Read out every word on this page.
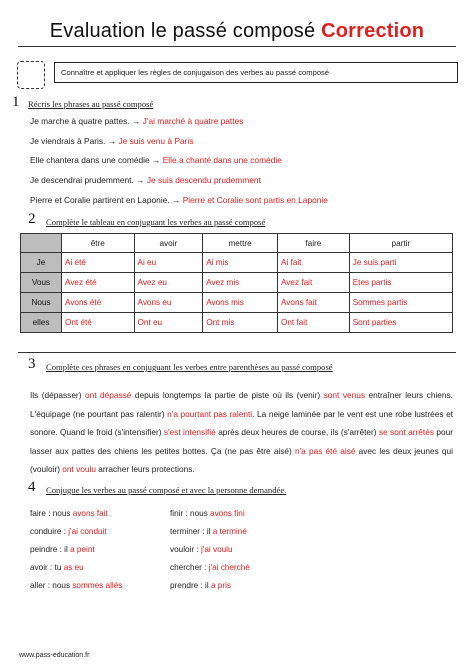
Evaluation le passé composé Correction
Connaître et appliquer les règles de conjugaison des verbes au passé composé
1 Récris les phrases au passé composé
Je marche à quatre pattes. → J'ai marché à quatre pattes
Je viendrais à Paris. → Je suis venu à Paris
Elle chantera dans une comédie → Elle a chanté dans une comédie
Je descendrai prudemment. → Je suis descendu prudemment
Pierre et Coralie partirent en Laponie. → Pierre et Coralie sont partis en Laponie
2 Complète le tableau en conjuguant les verbes au passé composé
	être	avoir	mettre	faire	partir
Je	Ai été	Ai eu	Ai mis	Ai fait	Je suis parti
Vous	Avez été	Avez eu	Avez mis	Avez fait	Etes partis
Nous	Avons été	Avons eu	Avons mis	Avons fait	Sommes partis
elles	Ont été	Ont eu	Ont mis	Ont fait	Sont parties
3 Complète ces phrases en conjuguant les verbes entre parenthèses au passé composé

Ils (dépasser) ont dépassé depuis longtemps la partie de piste où ils (venir) sont venus entraîner leurs chiens. L'équipage (ne pourtant pas ralentir) n'a pourtant pas ralenti. La neige laminée par le vent est une robe lustrées et sonore. Quand le froid (s'intensifier) s'est intensifié après deux heures de course, ils (s'arrêter) se sont arrêtés pour lasser aux pattes des chiens les petites bottes. Ça (ne pas être aisé) n'a pas été aisé avec les deux jeunes qui (vouloir) ont voulu arracher leurs protections.

4 Conjugue les verbes au passé composé et avec la personne demandée.
faire : nous avons fait
conduire : j'ai conduit
peindre : il a peint
avoir : tu as eu
aller : nous sommes allés
finir : nous avons fini
terminer : il a terminé
vouloir : j'ai voulu
chercher : j'ai cherché
prendre : il a pris
www.pass-education.fr
